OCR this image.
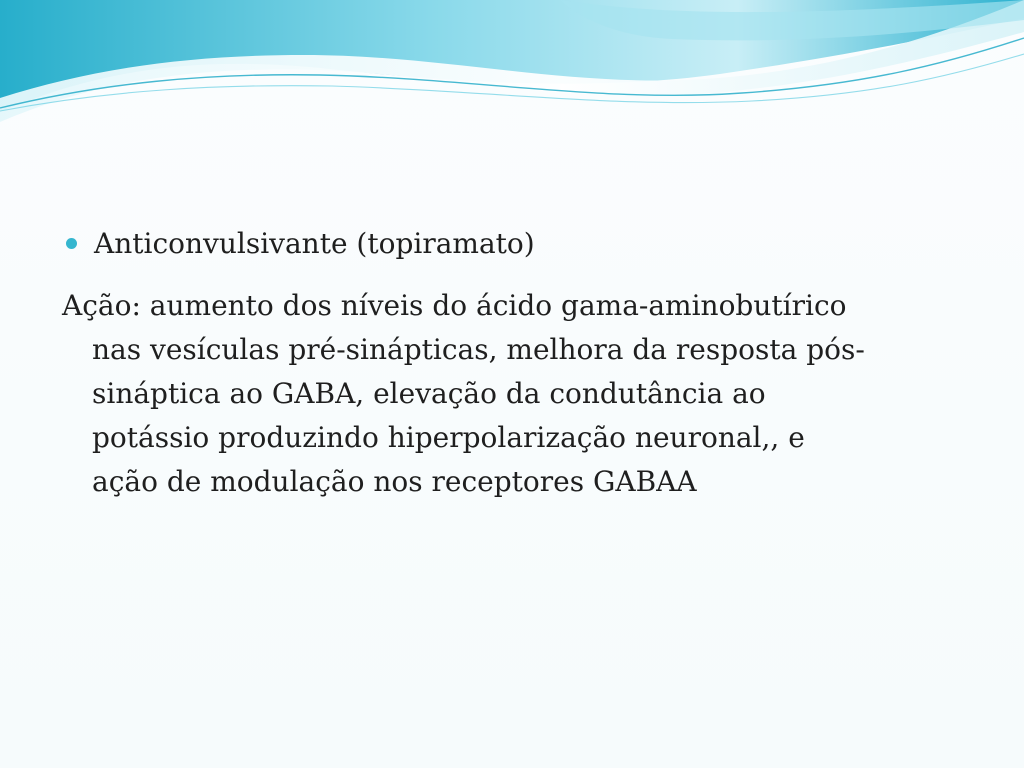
Anticonvulsivante (topiramato)

Ação: aumento dos níveis do ácido gama-aminobutírico
nas vesículas pré-sinápticas, melhora da resposta pós-
sináptica ao GABA, elevação da condutância ao
potássio produzindo hiperpolarização neuronal,, e
ação de modulação nos receptores GABAA
